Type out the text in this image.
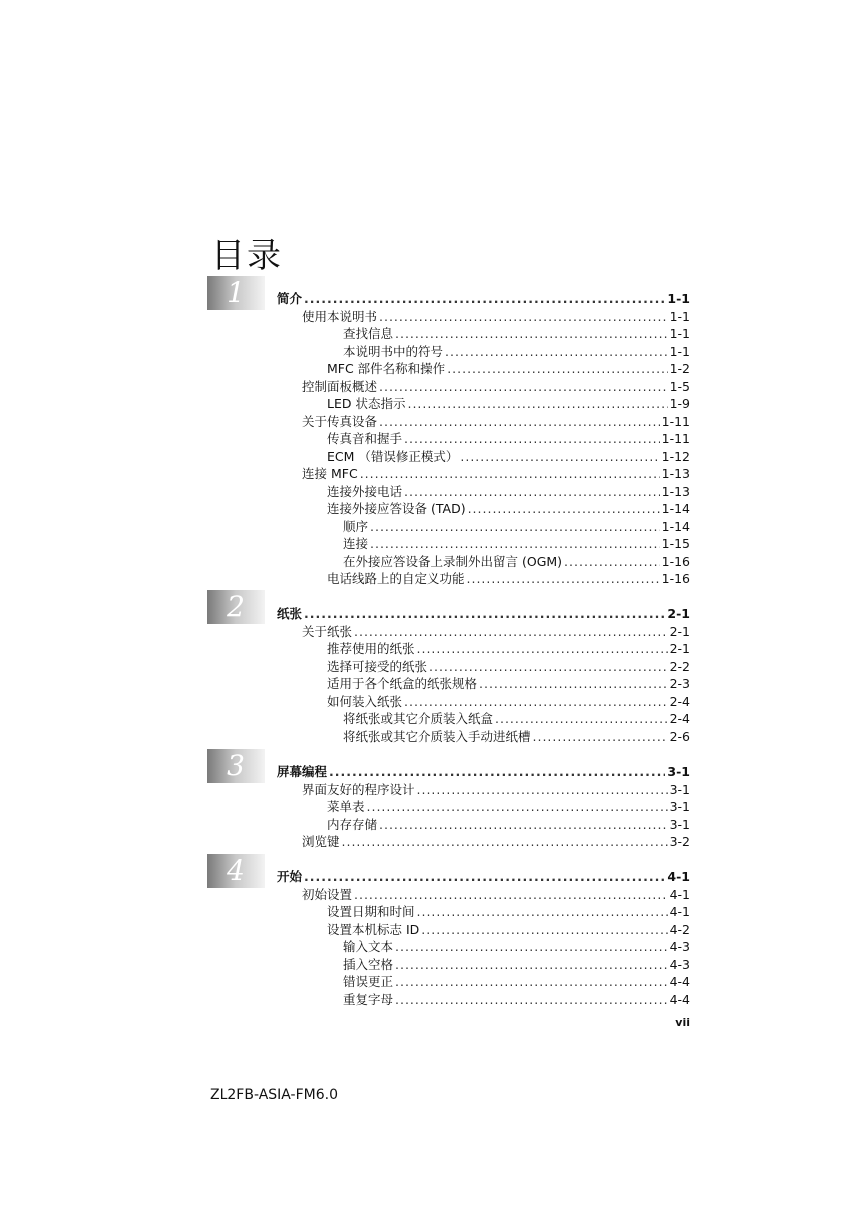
目录
1	简介 .....	1-1
使用本说明书 .....	1-1
查找信息 .....	1-1
本说明书中的符号 .....	1-1
MFC 部件名称和操作 .....	1-2
控制面板概述 .....	1-5
LED 状态指示 .....	1-9
关于传真设备 .....	1-11
传真音和握手 .....	1-11
ECM （错误修正模式） .....	1-12
连接 MFC .....	1-13
连接外接电话 .....	1-13
连接外接应答设备 (TAD) .....	1-14
顺序 .....	1-14
连接 .....	1-15
在外接应答设备上录制外出留言 (OGM) .....	1-16
电话线路上的自定义功能 .....	1-16
2	纸张 .....	2-1
关于纸张 .....	2-1
推荐使用的纸张 .....	2-1
选择可接受的纸张 .....	2-2
适用于各个纸盒的纸张规格 .....	2-3
如何装入纸张 .....	2-4
将纸张或其它介质装入纸盒 .....	2-4
将纸张或其它介质装入手动进纸槽 .....	2-6
3	屏幕编程 .....	3-1
界面友好的程序设计 .....	3-1
菜单表 .....	3-1
内存存储 .....	3-1
浏览键 .....	3-2
4	开始 .....	4-1
初始设置 .....	4-1
设置日期和时间 .....	4-1
设置本机标志 ID .....	4-2
输入文本 .....	4-3
插入空格 .....	4-3
错误更正 .....	4-4
重复字母 .....	4-4
vii
ZL2FB-ASIA-FM6.0
